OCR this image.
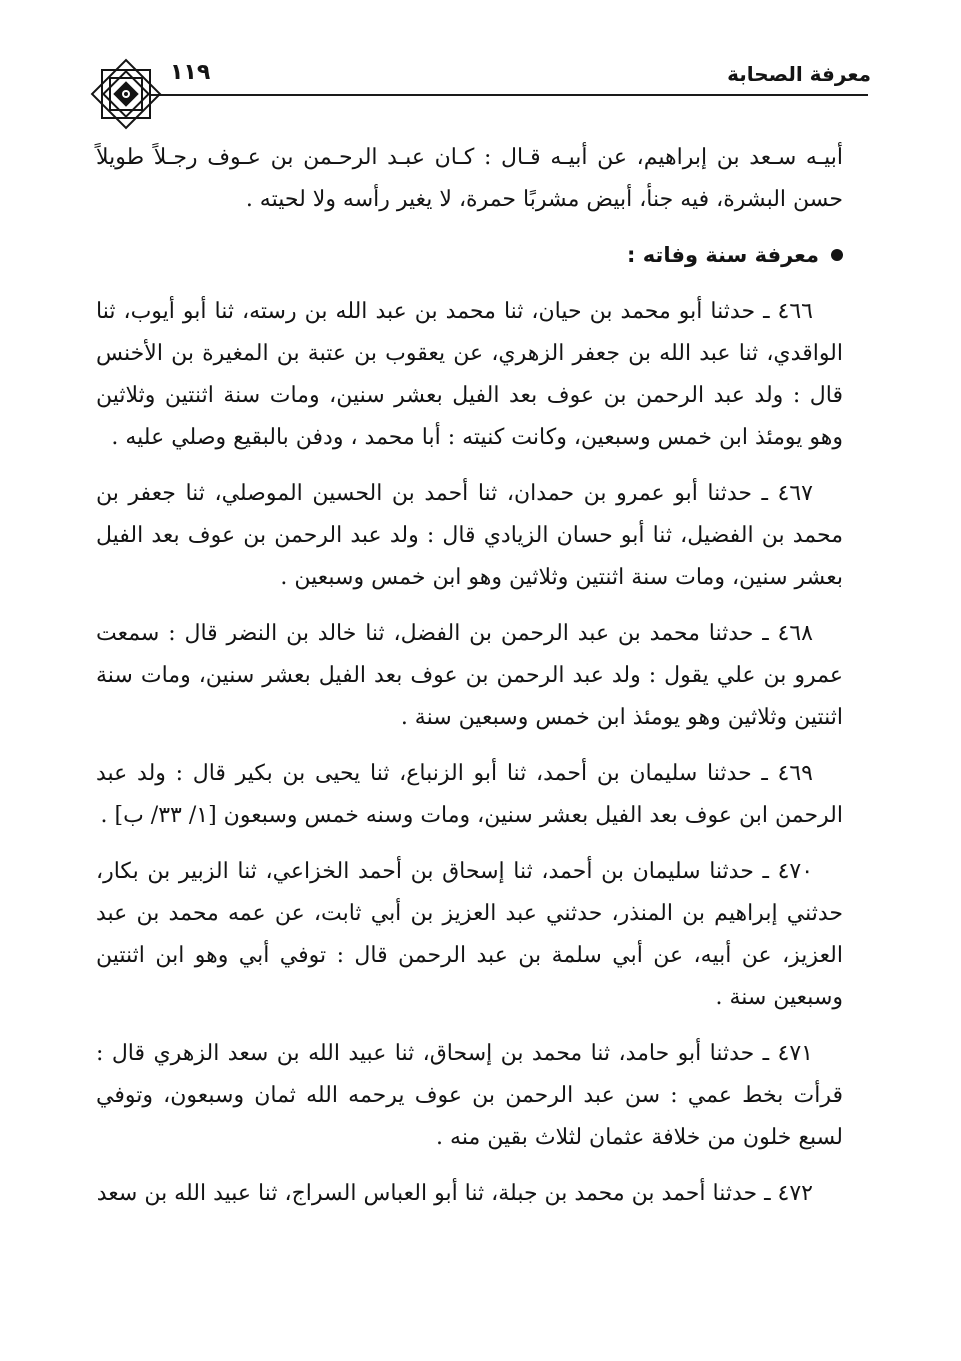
معرفة الصحابة
١١٩

أبيـه سـعد بن إبراهيم، عن أبيـه قـال : كـان عبـد الرحـمن بن عـوف رجـلاً طويلاً حسن البشرة، فيه جنأ، أبيض مشربًا حمرة، لا يغير رأسه ولا لحيته .

معرفة سنة وفاته :

٤٦٦ ـ حدثنا أبو محمد بن حيان، ثنا محمد بن عبد الله بن رسته، ثنا أبو أيوب، ثنا الواقدي، ثنا عبد الله بن جعفر الزهري، عن يعقوب بن عتبة بن المغيرة بن الأخنس قال : ولد عبد الرحمن بن عوف بعد الفيل بعشر سنين، ومات سنة اثنتين وثلاثين وهو يومئذ ابن خمس وسبعين، وكانت كنيته : أبا محمد ، ودفن بالبقيع وصلي عليه .

٤٦٧ ـ حدثنا أبو عمرو بن حمدان، ثنا أحمد بن الحسين الموصلي، ثنا جعفر بن محمد بن الفضيل، ثنا أبو حسان الزيادي قال : ولد عبد الرحمن بن عوف بعد الفيل بعشر سنين، ومات سنة اثنتين وثلاثين وهو ابن خمس وسبعين .

٤٦٨ ـ حدثنا محمد بن عبد الرحمن بن الفضل، ثنا خالد بن النضر قال : سمعت عمرو بن علي يقول : ولد عبد الرحمن بن عوف بعد الفيل بعشر سنين، ومات سنة اثنتين وثلاثين وهو يومئذ ابن خمس وسبعين سنة .

٤٦٩ ـ حدثنا سليمان بن أحمد، ثنا أبو الزنباع، ثنا يحيى بن بكير قال : ولد عبد الرحمن ابن عوف بعد الفيل بعشر سنين، ومات وسنه خمس وسبعون [١/ ٣٣/ ب] .

٤٧٠ ـ حدثنا سليمان بن أحمد، ثنا إسحاق بن أحمد الخزاعي، ثنا الزبير بن بكار، حدثني إبراهيم بن المنذر، حدثني عبد العزيز بن أبي ثابت، عن عمه محمد بن عبد العزيز، عن أبيه، عن أبي سلمة بن عبد الرحمن قال : توفي أبي وهو ابن اثنتين وسبعين سنة .

٤٧١ ـ حدثنا أبو حامد، ثنا محمد بن إسحاق، ثنا عبيد الله بن سعد الزهري قال : قرأت بخط عمي : سن عبد الرحمن بن عوف يرحمه الله ثمان وسبعون، وتوفي لسبع خلون من خلافة عثمان لثلاث بقين منه .

٤٧٢ ـ حدثنا أحمد بن محمد بن جبلة، ثنا أبو العباس السراج، ثنا عبيد الله بن سعد
